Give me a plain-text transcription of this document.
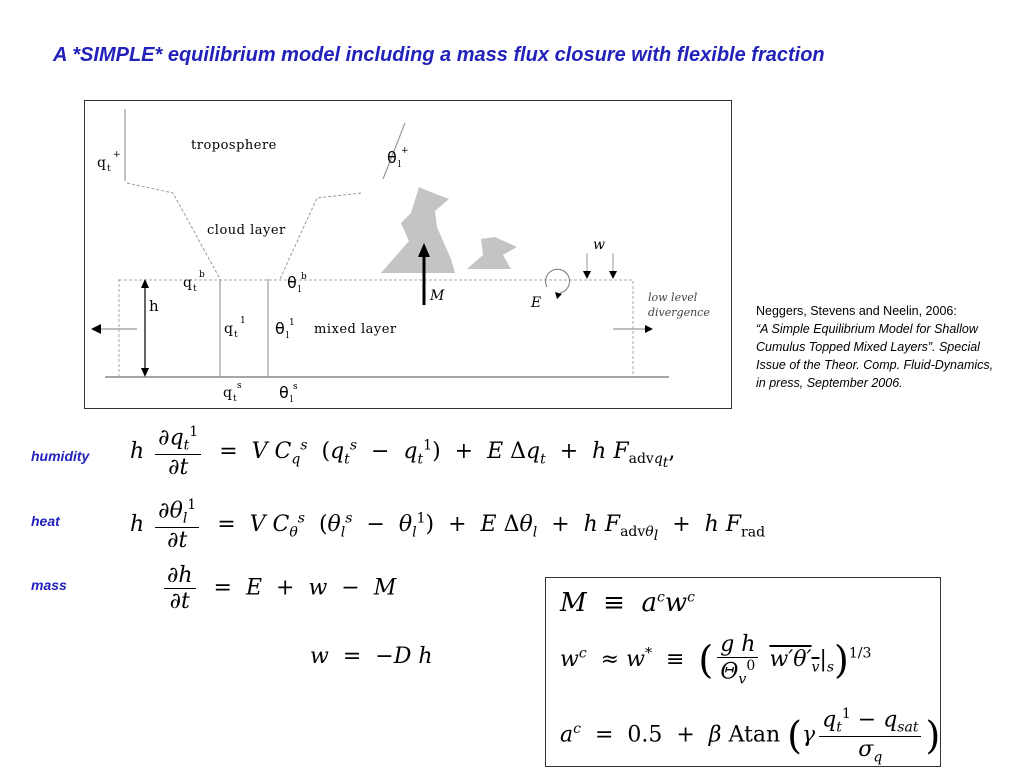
A *SIMPLE* equilibrium model including a mass flux closure with flexible fraction
troposphere
cloud layer
mixed layer
low level
divergence
h
M	E
w
q t
+	θ l
+
q t
b	θ l
b
q t
1 θ l
1
q t
s θ l
s
Neggers, Stevens and Neelin, 2006:
“A Simple Equilibrium Model for Shallow Cumulus Topped Mixed Layers”. Special Issue of the Theor. Comp. Fluid-Dynamics, in press, September 2006.
humidity
heat
mass
h $\frac{\partial q_t^1}{\partial t} = V$ $C_q^s$  $(q_t^s - q_t^1) + E$ $\Delta q_t + h$ $F_{advq_t}$,
h $\frac{\partial\theta_l^1}{\partial t} = V$ $C_\theta^s$  $(\theta_l^s - \theta_l^1) + E$ $\Delta\theta_l + h$ $F_{adv\theta_l} + h$ $F_{rad}$
$\frac{\partial h}{\partial t} = E + w - M$
w  =  −D h
$M \equiv a^cw^c$
$w^c \approx w^*$  ≡  ( $\frac{\text{g h}}{\Theta_v^0} w'\theta'_v|_s)^{1/3}$
$a^c = 0.5 + \beta$ Atan ($\gamma \frac{q_t^1 - q_{sat}}{\sigma_q}$ )
